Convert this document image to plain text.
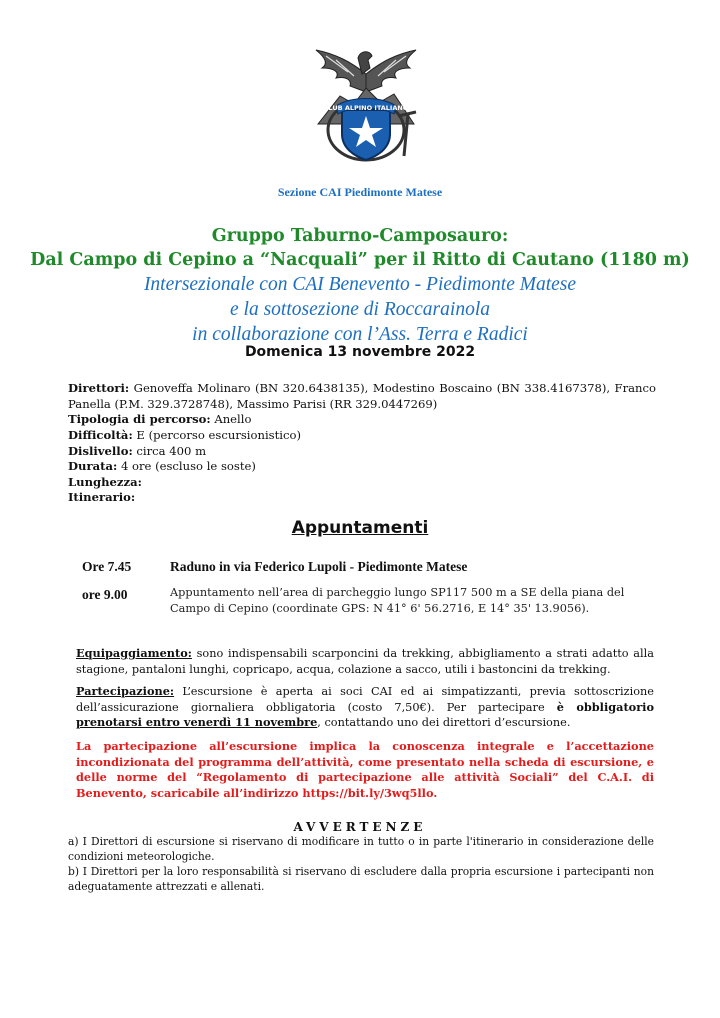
CLUB ALPINO ITALIANO
Sezione CAI Piedimonte Matese
Gruppo Taburno-Camposauro:
Dal Campo di Cepino a “Nacquali” per il Ritto di Cautano (1180 m)
Intersezionale con CAI Benevento - Piedimonte Matese
e la sottosezione di Roccarainola
in collaborazione con l’Ass. Terra e Radici
Domenica 13 novembre 2022
Direttori: Genoveffa Molinaro (BN 320.6438135), Modestino Boscaino (BN 338.4167378), Franco Panella (P.M. 329.3728748), Massimo Parisi (RR 329.0447269)
Tipologia di percorso: Anello
Difficoltà: E (percorso escursionistico)
Dislivello: circa 400 m
Durata: 4 ore (escluso le soste)
Lunghezza:
Itinerario:
Appuntamenti
Ore 7.45	Raduno in via Federico Lupoli - Piedimonte Matese
ore 9.00	Appuntamento nell’area di parcheggio lungo SP117 500 m a SE della piana del Campo di Cepino (coordinate GPS: N 41° 6' 56.2716, E 14° 35' 13.9056).
Equipaggiamento: sono indispensabili scarponcini da trekking, abbigliamento a strati adatto alla stagione, pantaloni lunghi, copricapo, acqua, colazione a sacco, utili i bastoncini da trekking.
Partecipazione: L’escursione è aperta ai soci CAI ed ai simpatizzanti, previa sottoscrizione dell’assicurazione giornaliera obbligatoria (costo 7,50€). Per partecipare è obbligatorio prenotarsi entro venerdì 11 novembre, contattando uno dei direttori d’escursione.
La partecipazione all’escursione implica la conoscenza integrale e l’accettazione incondizionata del programma dell’attività, come presentato nella scheda di escursione, e delle norme del “Regolamento di partecipazione alle attività Sociali” del C.A.I. di Benevento, scaricabile all’indirizzo https://bit.ly/3wq5llo.
AVVERTENZE
a) I Direttori di escursione si riservano di modificare in tutto o in parte l'itinerario in considerazione delle condizioni meteorologiche.
b) I Direttori per la loro responsabilità si riservano di escludere dalla propria escursione i partecipanti non adeguatamente attrezzati e allenati.
